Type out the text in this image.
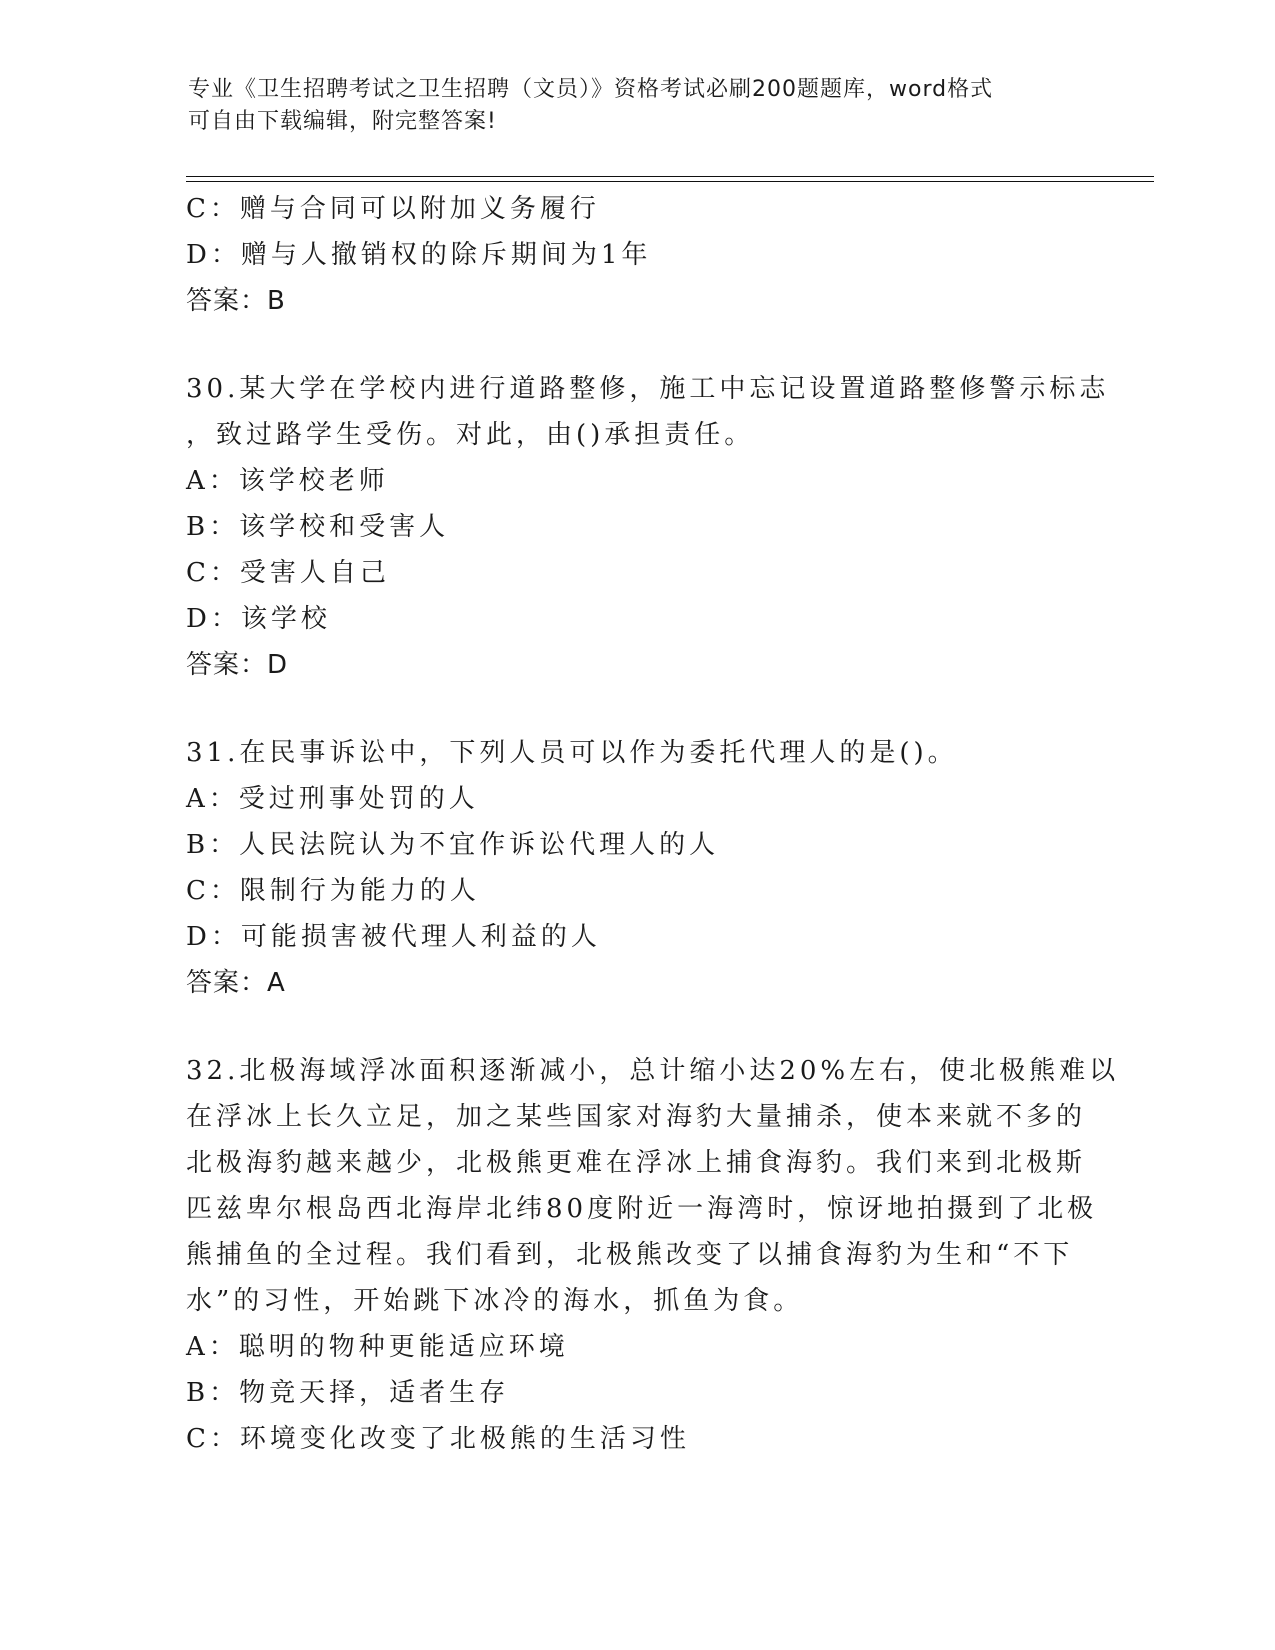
专业《卫生招聘考试之卫生招聘（文员）》资格考试必刷200题题库，word格式
可自由下载编辑，附完整答案!
C：赠与合同可以附加义务履行
D：赠与人撤销权的除斥期间为1年
答案：B
30.某大学在学校内进行道路整修，施工中忘记设置道路整修警示标志
，致过路学生受伤。对此，由()承担责任。
A：该学校老师
B：该学校和受害人
C：受害人自己
D：该学校
答案：D
31.在民事诉讼中，下列人员可以作为委托代理人的是()。
A：受过刑事处罚的人
B：人民法院认为不宜作诉讼代理人的人
C：限制行为能力的人
D：可能损害被代理人利益的人
答案：A
32.北极海域浮冰面积逐渐减小，总计缩小达20%左右，使北极熊难以
在浮冰上长久立足，加之某些国家对海豹大量捕杀，使本来就不多的
北极海豹越来越少，北极熊更难在浮冰上捕食海豹。我们来到北极斯
匹兹卑尔根岛西北海岸北纬80度附近一海湾时，惊讶地拍摄到了北极
熊捕鱼的全过程。我们看到，北极熊改变了以捕食海豹为生和“不下
水”的习性，开始跳下冰冷的海水，抓鱼为食。
A：聪明的物种更能适应环境
B：物竞天择，适者生存
C：环境变化改变了北极熊的生活习性
